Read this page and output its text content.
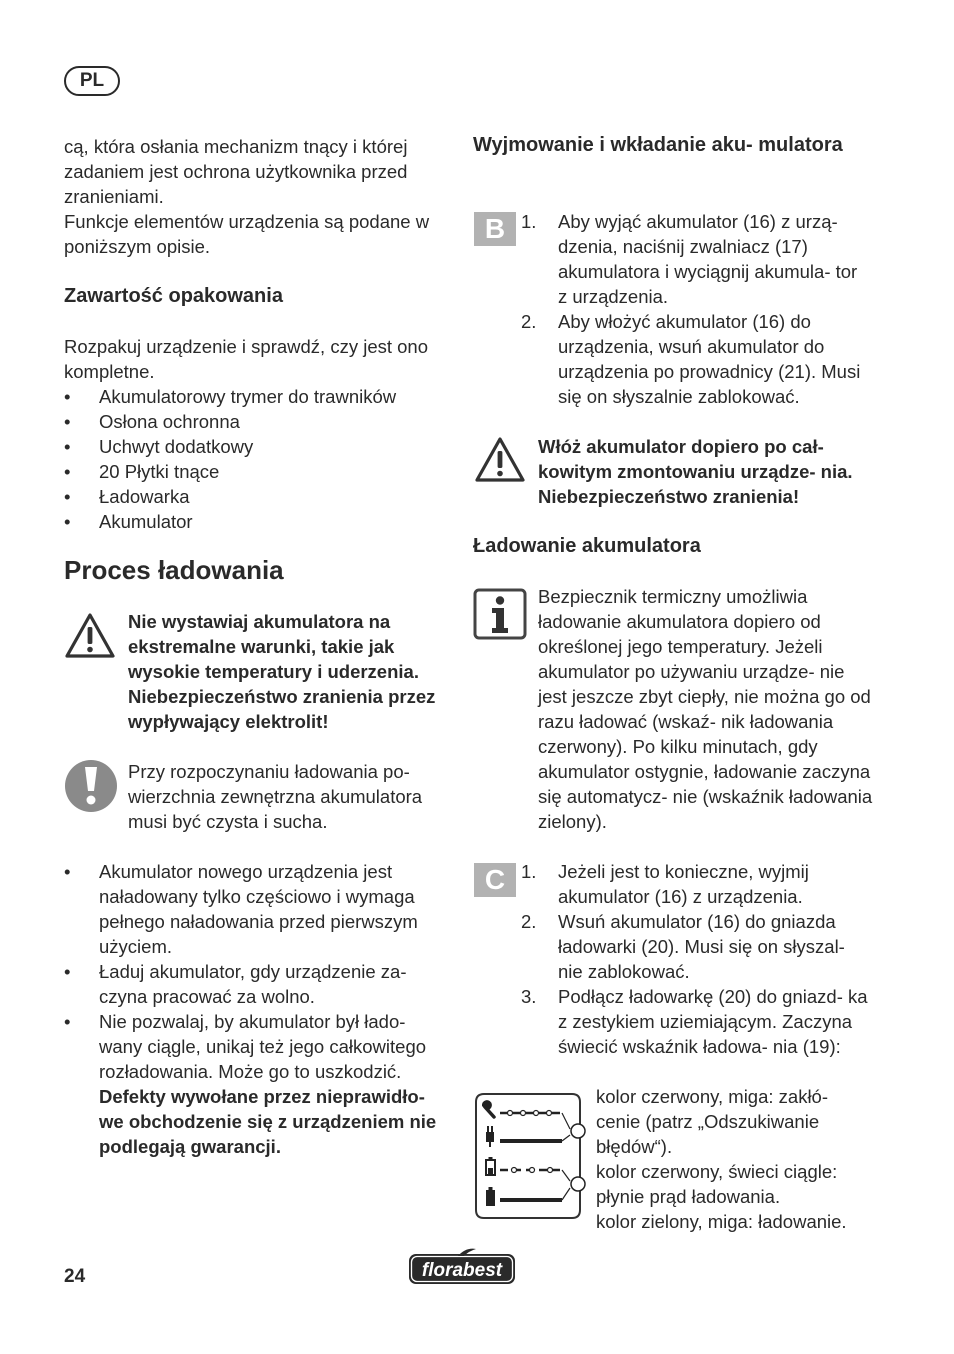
PL

cą, która osłania mechanizm tnący i której zadaniem jest ochrona użytkownika przed zranieniami.

Funkcje elementów urządzenia są podane w poniższym opisie.

Zawartość opakowania

Rozpakuj urządzenie i sprawdź, czy jest ono kompletne.

• Akumulatorowy trymer do trawników
• Osłona ochronna
• Uchwyt dodatkowy
• 20 Płytki tnące
• Ładowarka
• Akumulator
Proces ładowania

Nie wystawiaj akumulatora na ekstremalne warunki, takie jak wysokie temperatury i uderzenia. Niebezpieczeństwo zranienia przez wypływający elektrolit!

Przy rozpoczynaniu ładowania po- wierzchnia zewnętrzna akumulatora musi być czysta i sucha.

• Akumulator nowego urządzenia jest naładowany tylko częściowo i wymaga pełnego naładowania przed pierwszym użyciem.
• Ładuj akumulator, gdy urządzenie za- czyna pracować za wolno.
• Nie pozwalaj, by akumulator był łado- wany ciągle, unikaj też jego całkowitego rozładowania. Może go to uszkodzić. Defekty wywołane przez nieprawidło- we obchodzenie się z urządzeniem nie podlegają gwarancji.
Wyjmowanie i wkładanie aku- mulatora
B 1. Aby wyjąć akumulator (16) z urzą- dzenia, naciśnij zwalniacz (17) akumulatora i wyciągnij akumula- tor z urządzenia.
2. Aby włożyć akumulator (16) do urządzenia, wsuń akumulator do urządzenia po prowadnicy (21). Musi się on słyszalnie zablokować.

Włóż akumulator dopiero po cał- kowitym zmontowaniu urządze- nia. Niebezpieczeństwo zranienia!

Ładowanie akumulatora

Bezpiecznik termiczny umożliwia ładowanie akumulatora dopiero od określonej jego temperatury. Jeżeli akumulator po używaniu urządze- nie jest jeszcze zbyt ciepły, nie można go od razu ładować (wskaź- nik ładowania czerwony). Po kilku minutach, gdy akumulator ostygnie, ładowanie zaczyna się automatycz- nie (wskaźnik ładowania zielony).

C 1. Jeżeli jest to konieczne, wyjmij akumulator (16) z urządzenia.
2. Wsuń akumulator (16) do gniazda ładowarki (20). Musi się on słyszal- nie zablokować.
3. Podłącz ładowarkę (20) do gniazd- ka z zestykiem uziemiającym. Zaczyna świecić wskaźnik ładowa- nia (19):

kolor czerwony, miga: zakłó- cenie (patrz „Odszukiwanie błędów“).

kolor czerwony, świeci ciągle: płynie prąd ładowania.

kolor zielony, miga: ładowanie.

24	florabest
